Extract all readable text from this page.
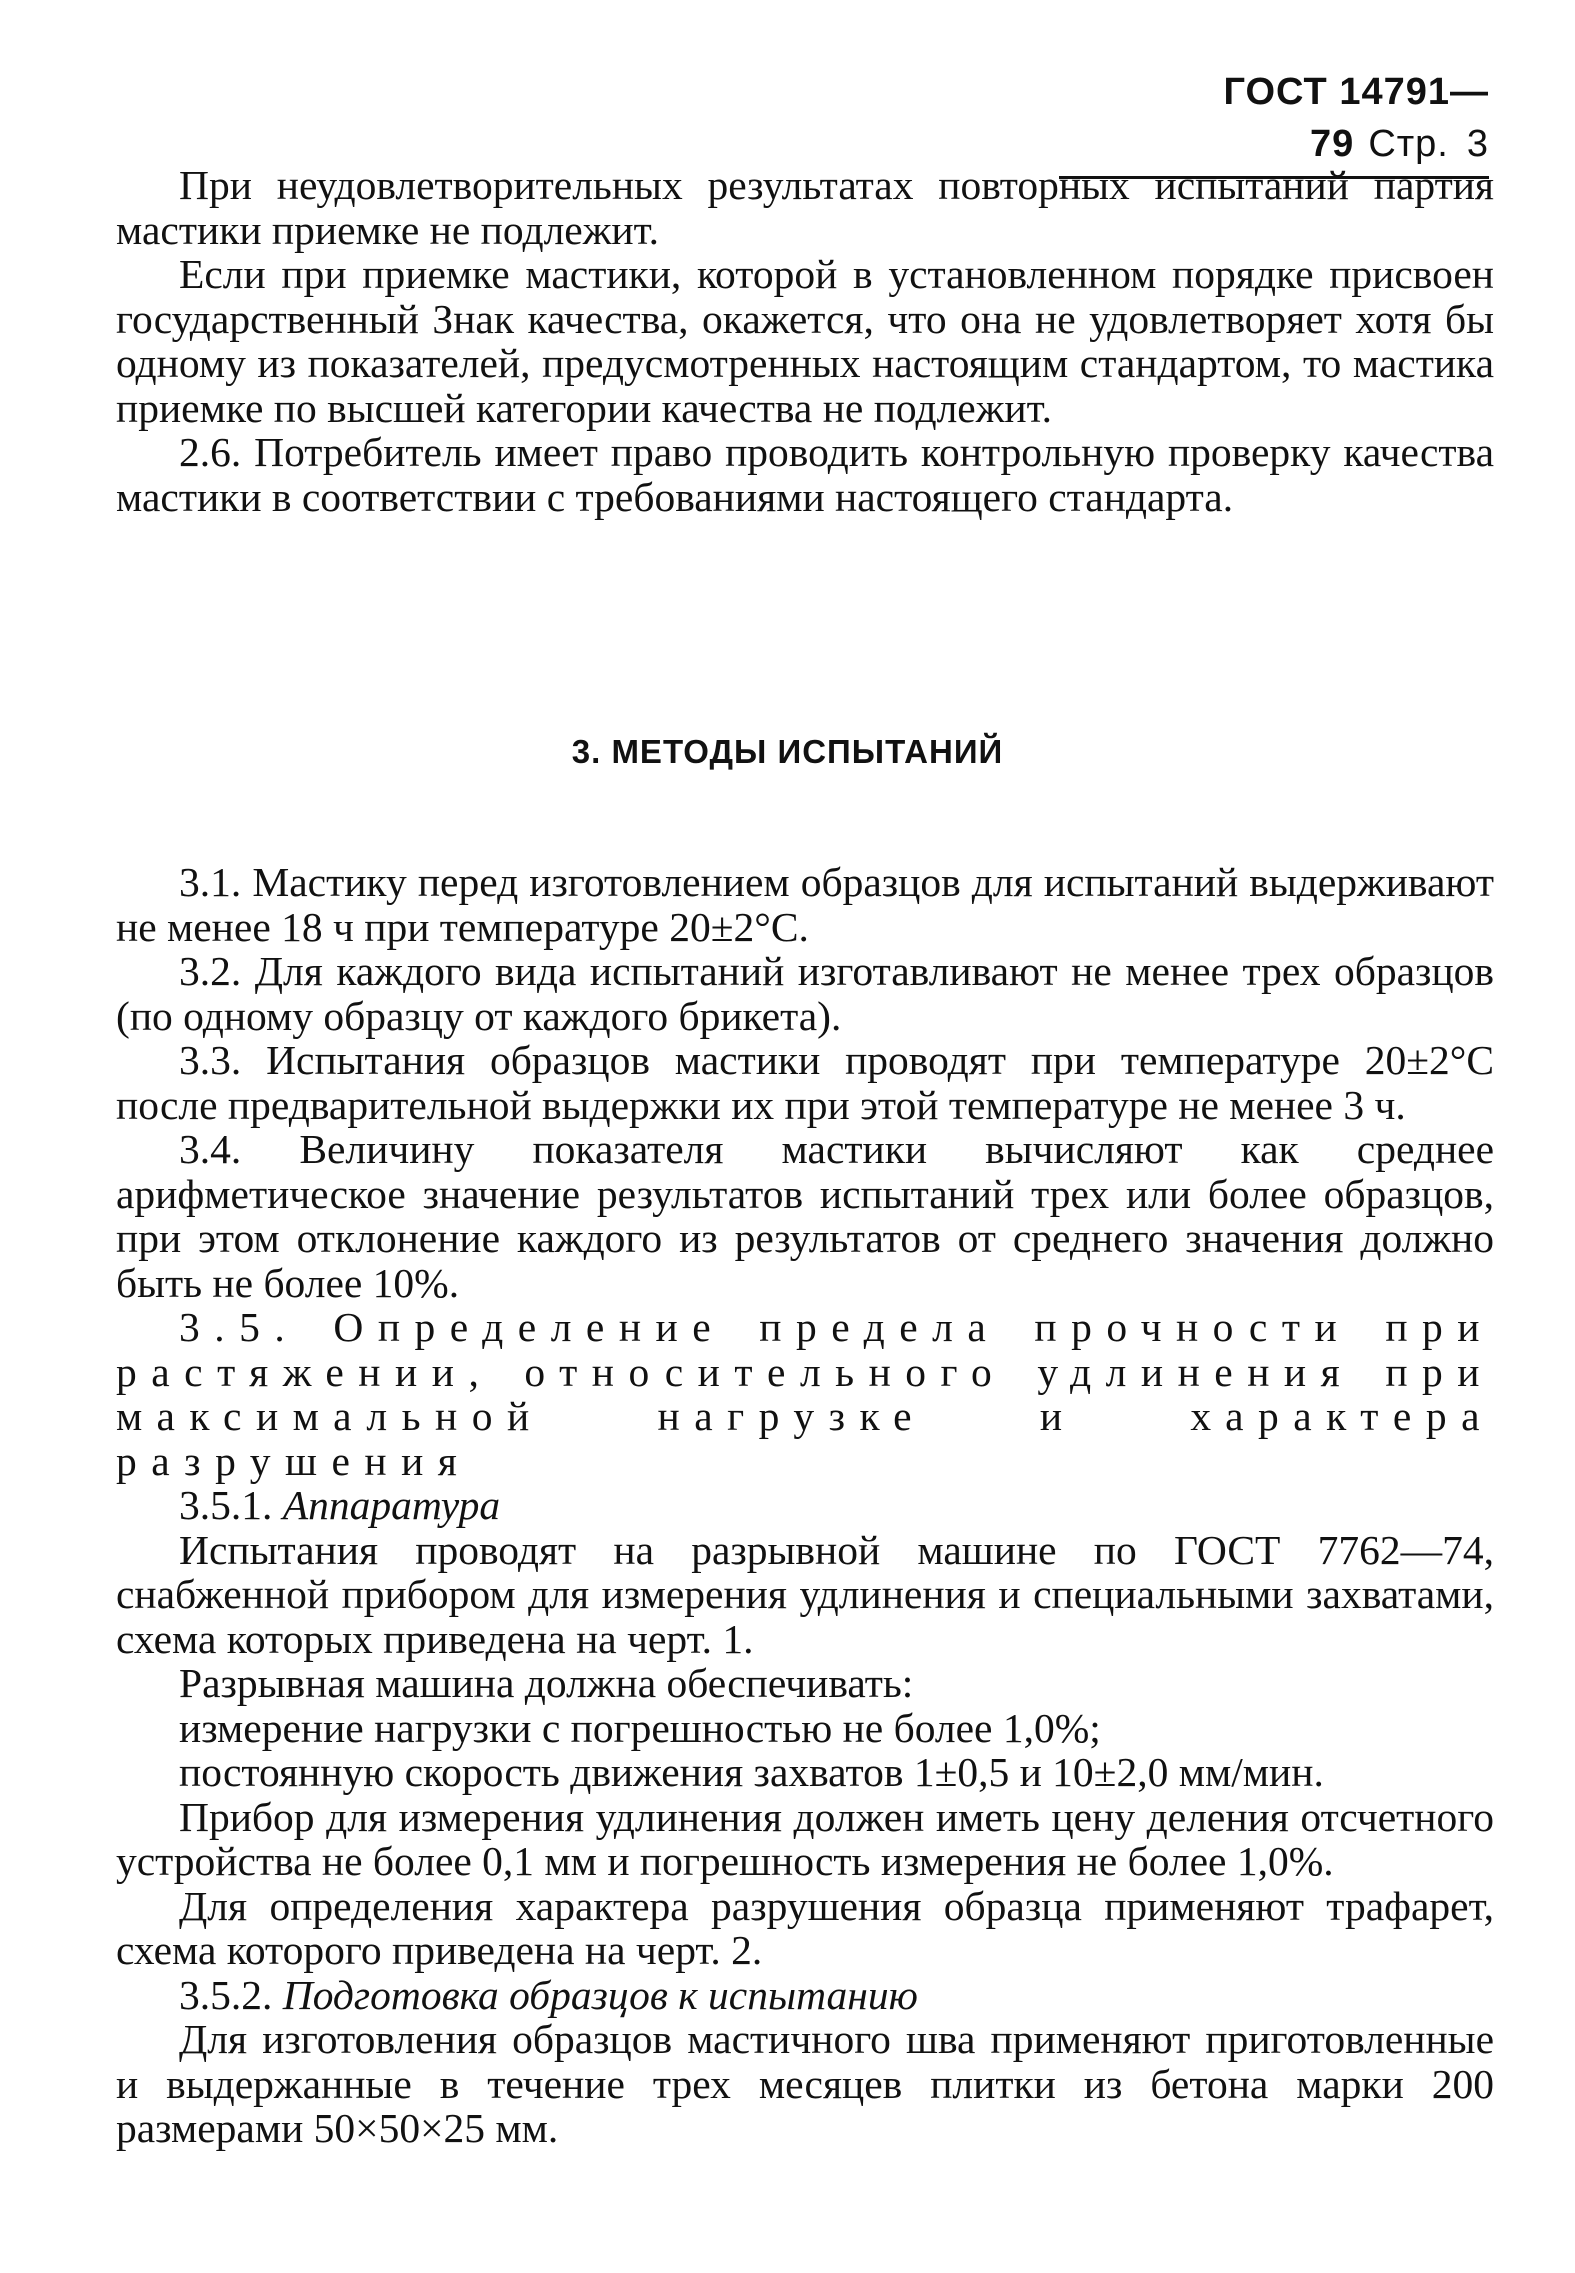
ГОСТ 14791—79 Стр. 3

При неудовлетворительных результатах повторных испытаний партия мастики приемке не подлежит.

Если при приемке мастики, которой в установленном порядке присвоен государственный Знак качества, окажется, что она не удовлетворяет хотя бы одному из показателей, предусмотренных настоящим стандартом, то мастика приемке по высшей категории качества не подлежит.

2.6. Потребитель имеет право проводить контрольную проверку качества мастики в соответствии с требованиями настоящего стандарта.

3. МЕТОДЫ ИСПЫТАНИЙ

3.1. Мастику перед изготовлением образцов для испытаний выдерживают не менее 18 ч при температуре 20±2°С.

3.2. Для каждого вида испытаний изготавливают не менее трех образцов (по одному образцу от каждого брикета).

3.3. Испытания образцов мастики проводят при температуре 20±2°С после предварительной выдержки их при этой температуре не менее 3 ч.

3.4. Величину показателя мастики вычисляют как среднее арифметическое значение результатов испытаний трех или более образцов, при этом отклонение каждого из результатов от среднего значения должно быть не более 10%.

3.5. Определение предела прочности при растяжении, относительного удлинения при максимальной нагрузке и характера разрушения

3.5.1. Аппаратура

Испытания проводят на разрывной машине по ГОСТ 7762—74, снабженной прибором для измерения удлинения и специальными захватами, схема которых приведена на черт. 1.

Разрывная машина должна обеспечивать:

измерение нагрузки с погрешностью не более 1,0%;

постоянную скорость движения захватов 1±0,5 и 10±2,0 мм/мин.

Прибор для измерения удлинения должен иметь цену деления отсчетного устройства не более 0,1 мм и погрешность измерения не более 1,0%.

Для определения характера разрушения образца применяют трафарет, схема которого приведена на черт. 2.

3.5.2. Подготовка образцов к испытанию

Для изготовления образцов мастичного шва применяют приготовленные и выдержанные в течение трех месяцев плитки из бетона марки 200 размерами 50×50×25 мм.
